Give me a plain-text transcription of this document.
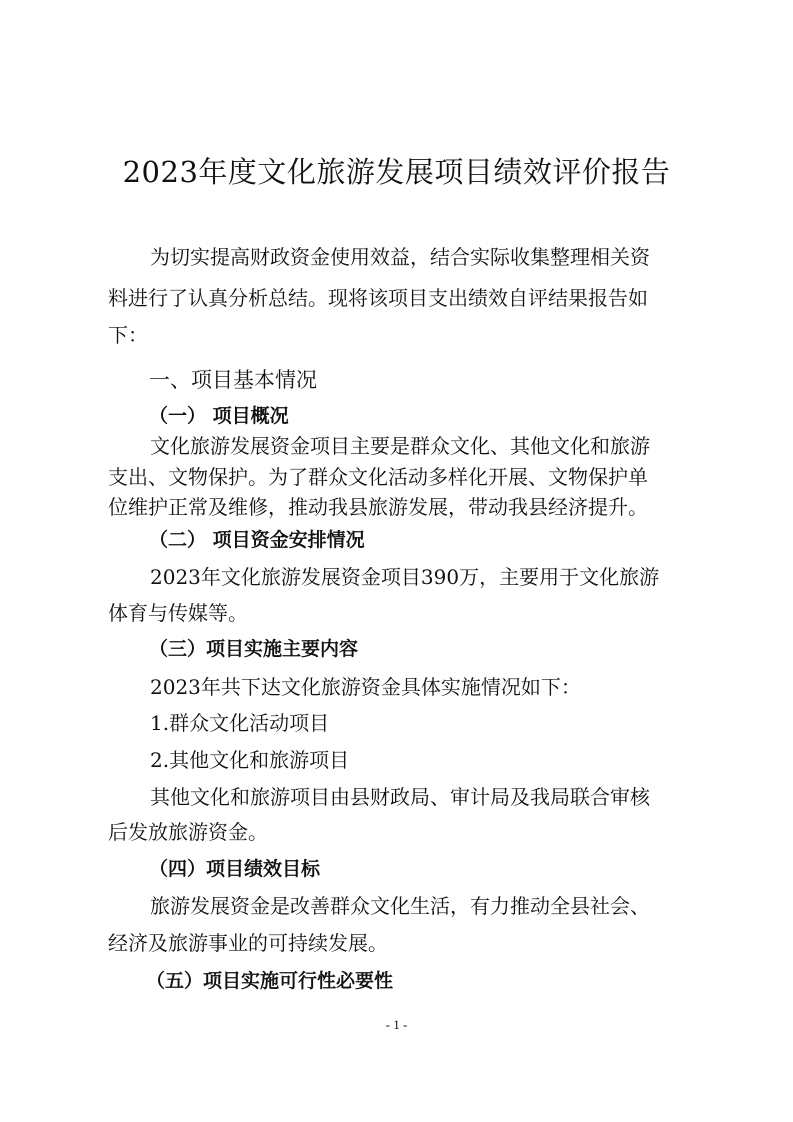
2023年度文化旅游发展项目绩效评价报告

为切实提高财政资金使用效益，结合实际收集整理相关资

料进行了认真分析总结。现将该项目支出绩效自评结果报告如

下：

一、项目基本情况
（一） 项目概况

文化旅游发展资金项目主要是群众文化、其他文化和旅游

支出、文物保护。为了群众文化活动多样化开展、文物保护单

位维护正常及维修，推动我县旅游发展，带动我县经济提升。

（二） 项目资金安排情况

2023年文化旅游发展资金项目390万，主要用于文化旅游

体育与传媒等。

（三）项目实施主要内容

2023年共下达文化旅游资金具体实施情况如下：

1.群众文化活动项目

2.其他文化和旅游项目

其他文化和旅游项目由县财政局、审计局及我局联合审核

后发放旅游资金。

（四）项目绩效目标

旅游发展资金是改善群众文化生活，有力推动全县社会、

经济及旅游事业的可持续发展。

（五）项目实施可行性必要性
- 1 -
